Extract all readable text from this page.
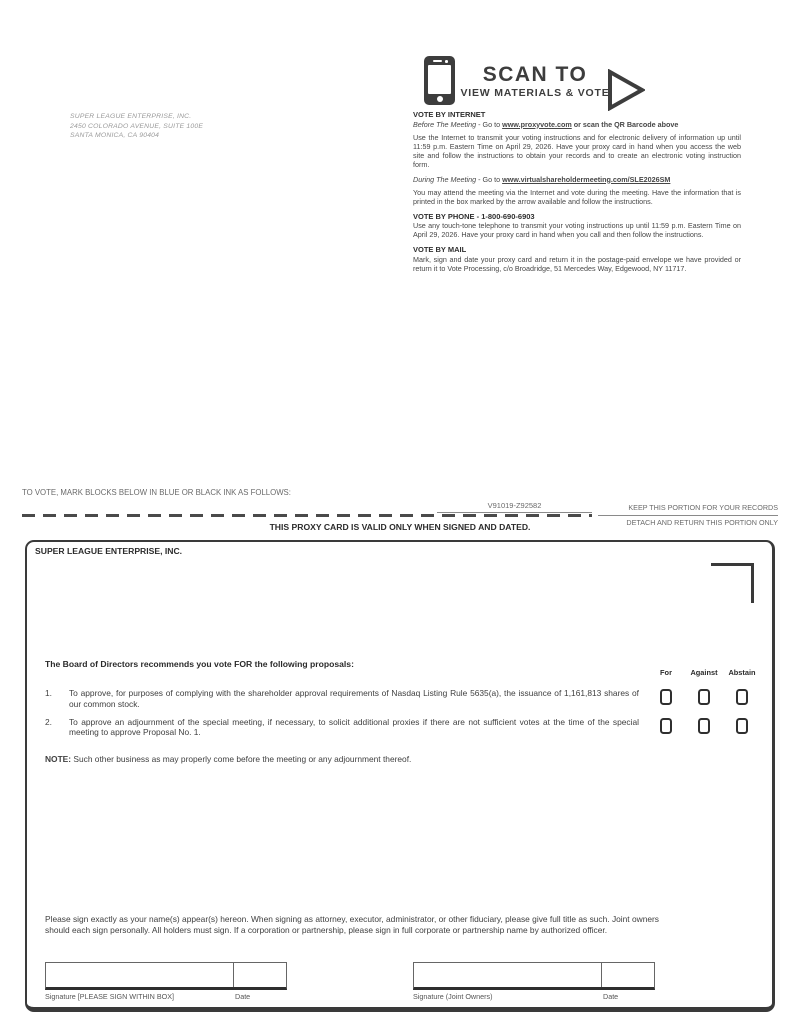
SCAN TO
VIEW MATERIALS & VOTE
SUPER LEAGUE ENTERPRISE, INC.
2450 COLORADO AVENUE, SUITE 100E
SANTA MONICA, CA 90404
VOTE BY INTERNET

Before The Meeting - Go to www.proxyvote.com or scan the QR Barcode above

Use the Internet to transmit your voting instructions and for electronic delivery of information up until 11:59 p.m. Eastern Time on April 29, 2026. Have your proxy card in hand when you access the web site and follow the instructions to obtain your records and to create an electronic voting instruction form.

During The Meeting - Go to www.virtualshareholdermeeting.com/SLE2026SM

You may attend the meeting via the Internet and vote during the meeting. Have the information that is printed in the box marked by the arrow available and follow the instructions.

VOTE BY PHONE - 1-800-690-6903

Use any touch-tone telephone to transmit your voting instructions up until 11:59 p.m. Eastern Time on April 29, 2026. Have your proxy card in hand when you call and then follow the instructions.

VOTE BY MAIL

Mark, sign and date your proxy card and return it in the postage-paid envelope we have provided or return it to Vote Processing, c/o Broadridge, 51 Mercedes Way, Edgewood, NY 11717.

TO VOTE, MARK BLOCKS BELOW IN BLUE OR BLACK INK AS FOLLOWS:
V91019-Z92582	KEEP THIS PORTION FOR YOUR RECORDS
DETACH AND RETURN THIS PORTION ONLY
THIS PROXY CARD IS VALID ONLY WHEN SIGNED AND DATED.
SUPER LEAGUE ENTERPRISE, INC.
The Board of Directors recommends you vote FOR the following proposals:
For	Against	Abstain
1.	To approve, for purposes of complying with the shareholder approval requirements of Nasdaq Listing Rule 5635(a), the issuance of 1,161,813 shares of our common stock.
2.	To approve an adjournment of the special meeting, if necessary, to solicit additional proxies if there are not sufficient votes at the time of the special meeting to approve Proposal No. 1.
NOTE: Such other business as may properly come before the meeting or any adjournment thereof.
Please sign exactly as your name(s) appear(s) hereon. When signing as attorney, executor, administrator, or other fiduciary, please give full title as such. Joint owners should each sign personally. All holders must sign. If a corporation or partnership, please sign in full corporate or partnership name by authorized officer.
Signature [PLEASE SIGN WITHIN BOX]	Date	Signature (Joint Owners)	Date
